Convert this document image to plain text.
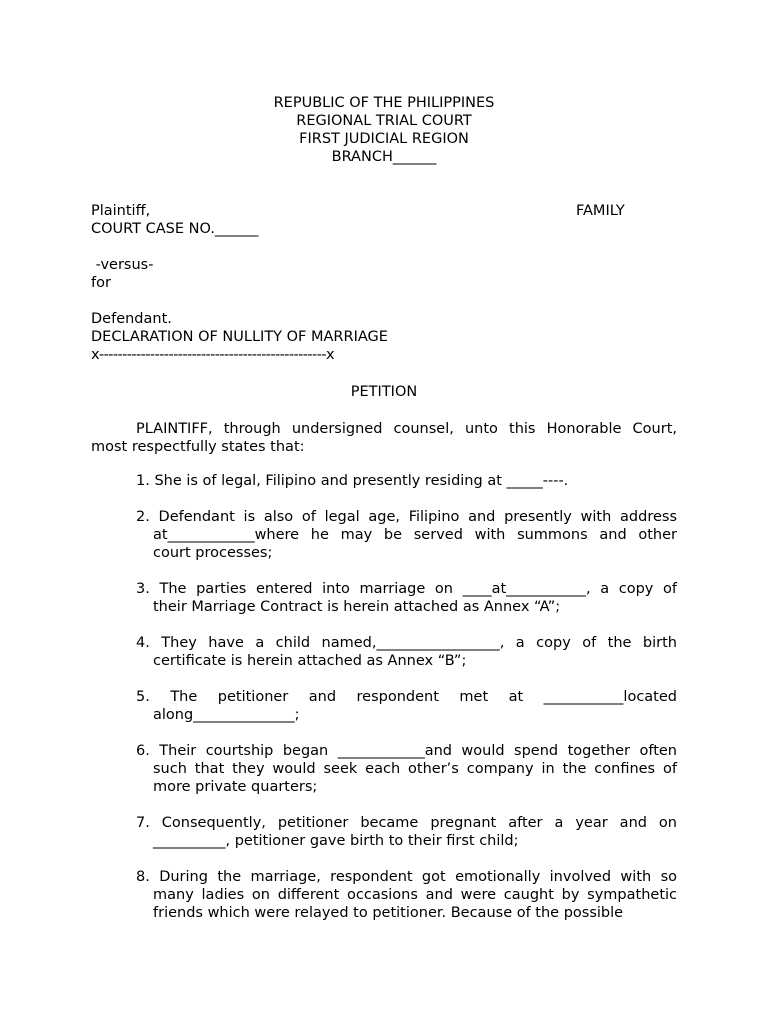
REPUBLIC OF THE PHILIPPINES
REGIONAL TRIAL COURT
FIRST JUDICIAL REGION
BRANCH______
Plaintiff,	FAMILY
COURT CASE NO.______
-versus-
for
Defendant.
DECLARATION OF NULLITY OF MARRIAGE
x-------------------------------------------------x
PETITION
PLAINTIFF, through undersigned counsel, unto this Honorable Court,
most respectfully states that:
1. She is of legal, Filipino and presently residing at _____----.
2. Defendant is also of legal age, Filipino and presently with address
at____________where he may be served with summons and other
court processes;
3. The parties entered into marriage on ____at___________, a copy of
their Marriage Contract is herein attached as Annex “A”;
4. They have a child named,_________________, a copy of the birth
certificate is herein attached as Annex “B”;
5. The petitioner and respondent met at ___________located
along______________;
6. Their courtship began ____________and would spend together often
such that they would seek each other’s company in the confines of
more private quarters;
7. Consequently, petitioner became pregnant after a year and on
__________, petitioner gave birth to their first child;
8. During the marriage, respondent got emotionally involved with so
many ladies on different occasions and were caught by sympathetic
friends which were relayed to petitioner. Because of the possible
